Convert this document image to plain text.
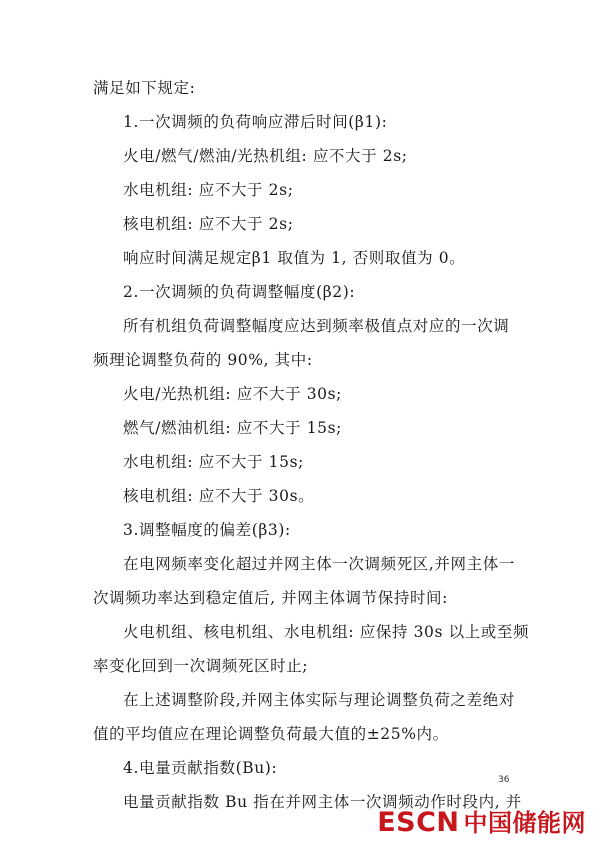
满足如下规定:
1.一次调频的负荷响应滞后时间(β1):
火电/燃气/燃油/光热机组: 应不大于 2s;
水电机组: 应不大于 2s;
核电机组: 应不大于 2s;
响应时间满足规定β1 取值为 1, 否则取值为 0。
2.一次调频的负荷调整幅度(β2):
所有机组负荷调整幅度应达到频率极值点对应的一次调
频理论调整负荷的 90%, 其中:
火电/光热机组: 应不大于 30s;
燃气/燃油机组: 应不大于 15s;
水电机组: 应不大于 15s;
核电机组: 应不大于 30s。
3.调整幅度的偏差(β3):
在电网频率变化超过并网主体一次调频死区,并网主体一
次调频功率达到稳定值后, 并网主体调节保持时间:
火电机组、核电机组、水电机组: 应保持 30s 以上或至频
率变化回到一次调频死区时止;
在上述调整阶段,并网主体实际与理论调整负荷之差绝对
值的平均值应在理论调整负荷最大值的±25%内。
4.电量贡献指数(Bu):
电量贡献指数 Bu 指在并网主体一次调频动作时段内, 并
36
ESCN 中国储能网
